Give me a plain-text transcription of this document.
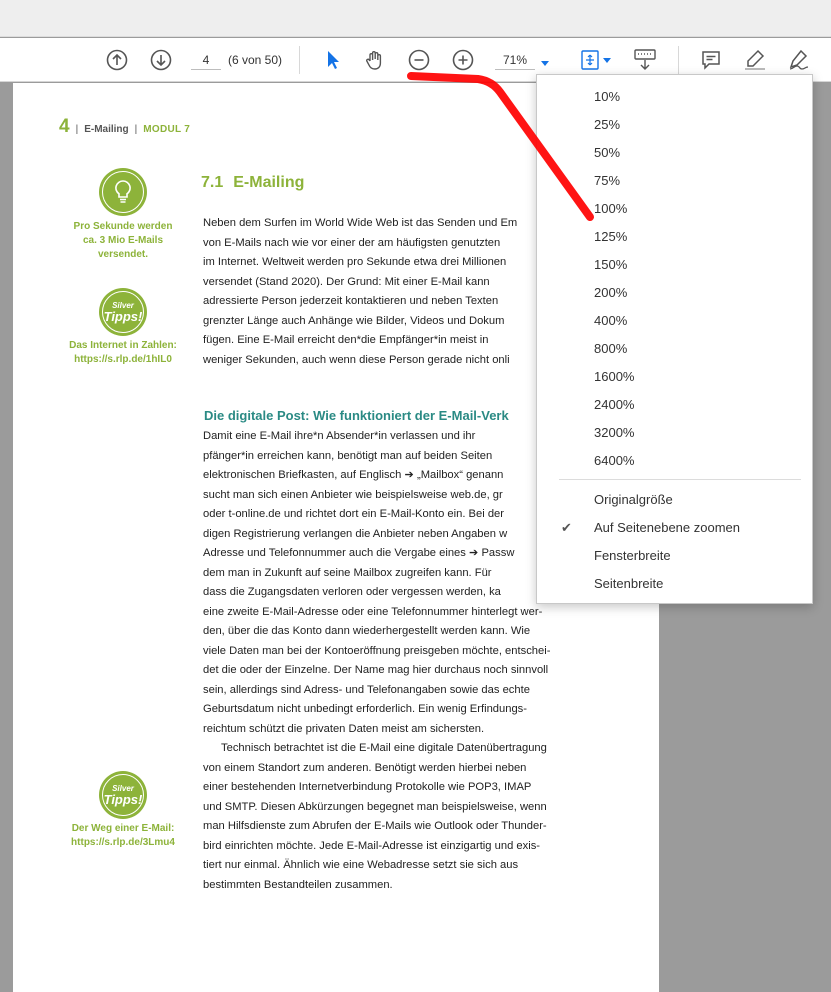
4
(6 von 50)
71%
4 | E-Mailing | MODUL 7
Pro Sekunde werden
ca. 3 Mio E-Mails
versendet.
Silver
Tipps!
Das Internet in Zahlen:
https://s.rlp.de/1hIL0
Silver
Tipps!
Der Weg einer E-Mail:
https://s.rlp.de/3Lmu4
7.1 E-Mailing
Neben dem Surfen im World Wide Web ist das Senden und Em
von E-Mails nach wie vor einer der am häufigsten genutzten
im Internet. Weltweit werden pro Sekunde etwa drei Millionen
versendet (Stand 2020). Der Grund: Mit einer E-Mail kann
adressierte Person jederzeit kontaktieren und neben Texten
grenzter Länge auch Anhänge wie Bilder, Videos und Dokum
fügen. Eine E-Mail erreicht den*die Empfänger*in meist in
weniger Sekunden, auch wenn diese Person gerade nicht onli
Die digitale Post: Wie funktioniert der E-Mail-Verk
Damit eine E-Mail ihre*n Absender*in verlassen und ihr
pfänger*in erreichen kann, benötigt man auf beiden Seiten
elektronischen Briefkasten, auf Englisch ➔ „Mailbox“ genann
sucht man sich einen Anbieter wie beispielsweise web.de, gr
oder t-online.de und richtet dort ein E-Mail-Konto ein. Bei der
digen Registrierung verlangen die Anbieter neben Angaben w
Adresse und Telefonnummer auch die Vergabe eines ➔ Passw
dem man in Zukunft auf seine Mailbox zugreifen kann. Für
dass die Zugangsdaten verloren oder vergessen werden, ka
eine zweite E-Mail-Adresse oder eine Telefonnummer hinterlegt wer-
den, über die das Konto dann wiederhergestellt werden kann. Wie
viele Daten man bei der Kontoeröffnung preisgeben möchte, entschei-
det die oder der Einzelne. Der Name mag hier durchaus noch sinnvoll
sein, allerdings sind Adress- und Telefonangaben sowie das echte
Geburtsdatum nicht unbedingt erforderlich. Ein wenig Erfindungs-
reichtum schützt die privaten Daten meist am sichersten.
Technisch betrachtet ist die E-Mail eine digitale Datenübertragung
von einem Standort zum anderen. Benötigt werden hierbei neben
einer bestehenden Internetverbindung Protokolle wie POP3, IMAP
und SMTP. Diesen Abkürzungen begegnet man beispielsweise, wenn
man Hilfsdienste zum Abrufen der E-Mails wie Outlook oder Thunder-
bird einrichten möchte. Jede E-Mail-Adresse ist einzigartig und exis-
tiert nur einmal. Ähnlich wie eine Webadresse setzt sie sich aus
bestimmten Bestandteilen zusammen.
10%
25%
50%
75%
100%
125%
150%
200%
400%
800%
1600%
2400%
3200%
6400%
Originalgröße
✔ Auf Seitenebene zoomen
Fensterbreite
Seitenbreite
